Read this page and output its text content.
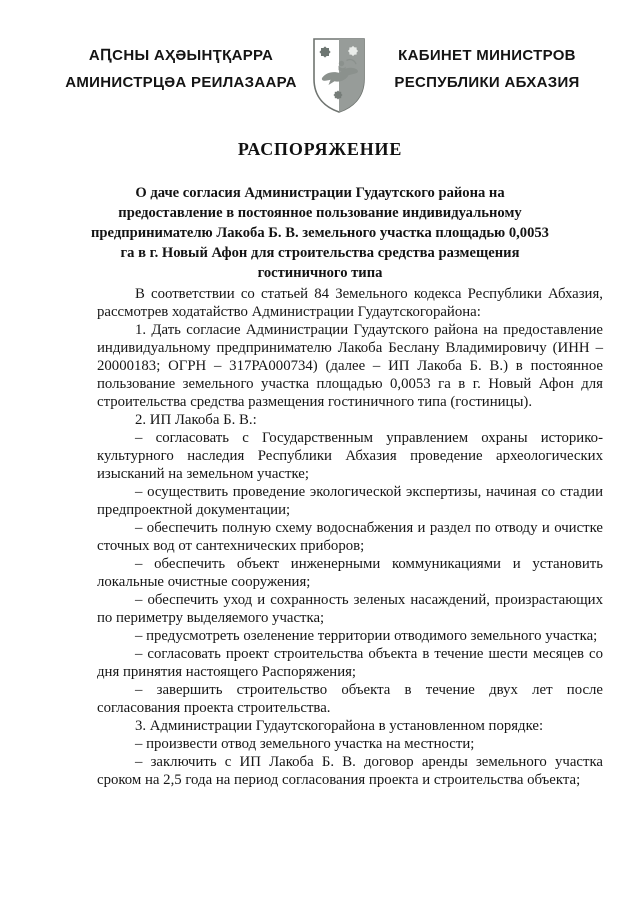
АԤСНЫ АҲӘЫНҬҚАРРА
АМИНИСТРЦӘА РЕИЛАЗААРА
КАБИНЕТ МИНИСТРОВ
РЕСПУБЛИКИ АБХАЗИЯ
РАСПОРЯЖЕНИЕ
О даче согласия Администрации Гудаутского района на предоставление в постоянное пользование индивидуальному предпринимателю Лакоба Б. В. земельного участка площадью 0,0053 га в г. Новый Афон для строительства средства размещения гостиничного типа

В соответствии со статьей 84 Земельного кодекса Республики Абхазия, рассмотрев ходатайство Администрации Гудаутскогорайона:

1. Дать согласие Администрации Гудаутского района на предоставление индивидуальному предпринимателю Лакоба Беслану Владимировичу (ИНН –20000183; ОГРН – 317РА000734) (далее – ИП Лакоба Б. В.) в постоянное пользование земельного участка площадью 0,0053 га в г. Новый Афон для строительства средства размещения гостиничного типа (гостиницы).

2. ИП Лакоба Б. В.:

– согласовать с Государственным управлением охраны историко-культурного наследия Республики Абхазия проведение археологических изысканий на земельном участке;

– осуществить проведение экологической экспертизы, начиная со стадии предпроектной документации;

– обеспечить полную схему водоснабжения и раздел по отводу и очистке сточных вод от сантехнических приборов;

– обеспечить объект инженерными коммуникациями и установить локальные очистные сооружения;

– обеспечить уход и сохранность зеленых насаждений, произрастающих по периметру выделяемого участка;

– предусмотреть озеленение территории отводимого земельного участка;

– согласовать проект строительства объекта в течение шести месяцев со дня принятия настоящего Распоряжения;

– завершить строительство объекта в течение двух лет после согласования проекта строительства.

3. Администрации Гудаутскогорайона в установленном порядке:

– произвести отвод земельного участка на местности;

– заключить с ИП Лакоба Б. В. договор аренды земельного участка сроком на 2,5 года на период согласования проекта и строительства объекта;
